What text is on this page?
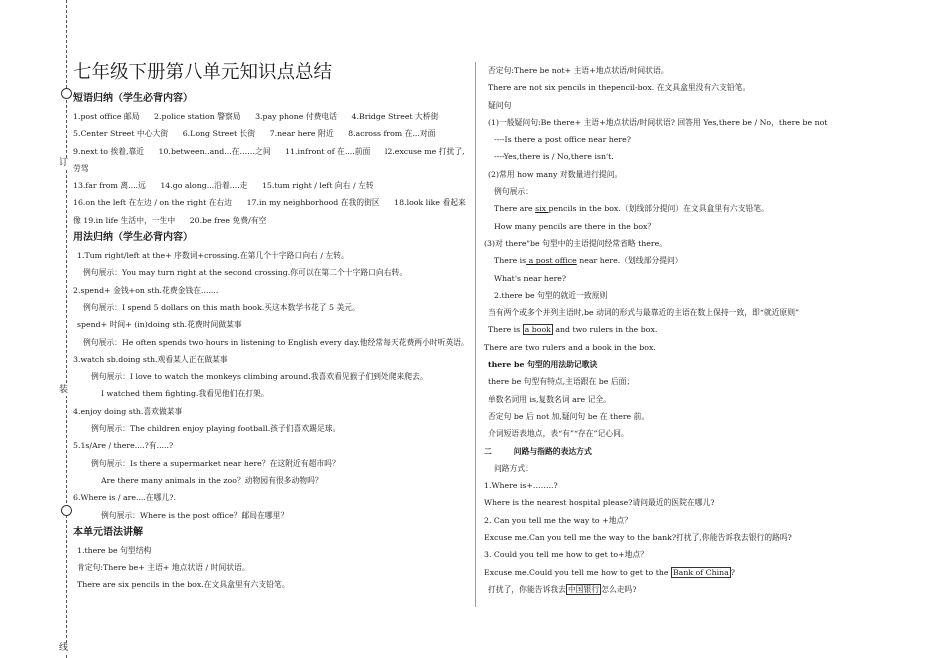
订
装
线
七年级下册第八单元知识点总结
短语归纳（学生必背内容）
1.post office 邮局 2.police station 警察局 3.pay phone 付费电话 4.Bridge Street 大桥街
5.Center Street 中心大街 6.Long Street 长街 7.near here 附近 8.across from 在...对面
9.next to 挨着,靠近 10.between..and...在……之间 11.infront of 在....前面 l2.excuse me 打扰了,劳驾
13.far from 离....远 14.go along...沿着....走 15.tum right / left 向右 / 左转
16.on the left 在左边 / on the right 在右边 17.in my neighborhood 在我的街区 18.look like 看起来像 19.in life 生活中，一生中 20.be free 免费/有空
用法归纳（学生必背内容）
1.Tum right/left at the+ 序数词+crossing.在第几个十字路口向右 / 左转。
例句展示：You may turn right at the second crossing.你可以在第二个十字路口向右转。
2.spend+ 金钱+on sth.花费金钱在.......
例句展示：I spend 5 dollars on this math book.买这本数学书花了 5 美元。
spend+ 时间+ (in)doing sth.花费时间做某事
例句展示：He often spends two hours in listening to English every day.他经常每天花费两小时听英语。
3.watch sb.doing sth.观看某人正在做某事
例句展示：I love to watch the monkeys climbing around.我喜欢看见猴子们到处爬来爬去。
I watched them fighting.我看见他们在打架。
4.enjoy doing sth.喜欢做某事
例句展示：The children enjoy playing football.孩子们喜欢踢足球。
5.1s/Are / there....?有.....?
例句展示：Is there a supermarket near here？在这附近有超市吗？
Are there many animals in the zoo？动物园有很多动物吗？
6.Where is / are....在哪儿?.
例句展示：Where is the post office？邮局在哪里？
本单元语法讲解
1.there be 句型结构
肯定句:There be+ 主语+ 地点状语 / 时间状语。
There are six pencils in the box.在文具盒里有六支铅笔。
否定句:There be not+ 主语+地点状语/时间状语。
There are not six pencils in thepencil-box. 在文具盒里没有六支铅笔。
疑问句
(1)一般疑问句:Be there+ 主语+地点状语/时间状语? 回答用 Yes,there be / No，there be not
----Is there a post office near here?
----Yes,there is / No,there isn't.
(2)常用 how many 对数量进行提问。
例句展示：
There are six pencils in the box.（划线部分提问）在文具盒里有六支铅笔。
How many pencils are there in the box？
(3)对 there"be 句型中的主语提问经常省略 there。
There is a post office near here.（划线部分提问）
What's near here?
2.there be 句型的就近一致原则
当有两个或多个并列主语时,be 动词的形式与最靠近的主语在数上保持一致，即“就近原则”
There is a book and two rulers in the box.
There are two rulers and a book in the box.
there be 句型的用法助记歌诀
there be 句型有特点,主语跟在 be 后面；
单数名词用 is,复数名词 are 记全。
否定句 be 后 not 加,疑问句 be 在 there 前。
介词短语表地点，表“有”“存在”记心间。
二	问路与指路的表达方式
问路方式：
1.Where is+……..?
Where is the nearest hospital please?请问最近的医院在哪儿?
2. Can you tell me the way to +地点？
Excuse me.Can you tell me the way to the bank?打扰了,你能告诉我去银行的路吗?
3. Could you tell me how to get to+地点？
Excuse me.Could you tell me how to get to the Bank of China ?
打扰了，你能告诉我去 中国银行 怎么走吗?
